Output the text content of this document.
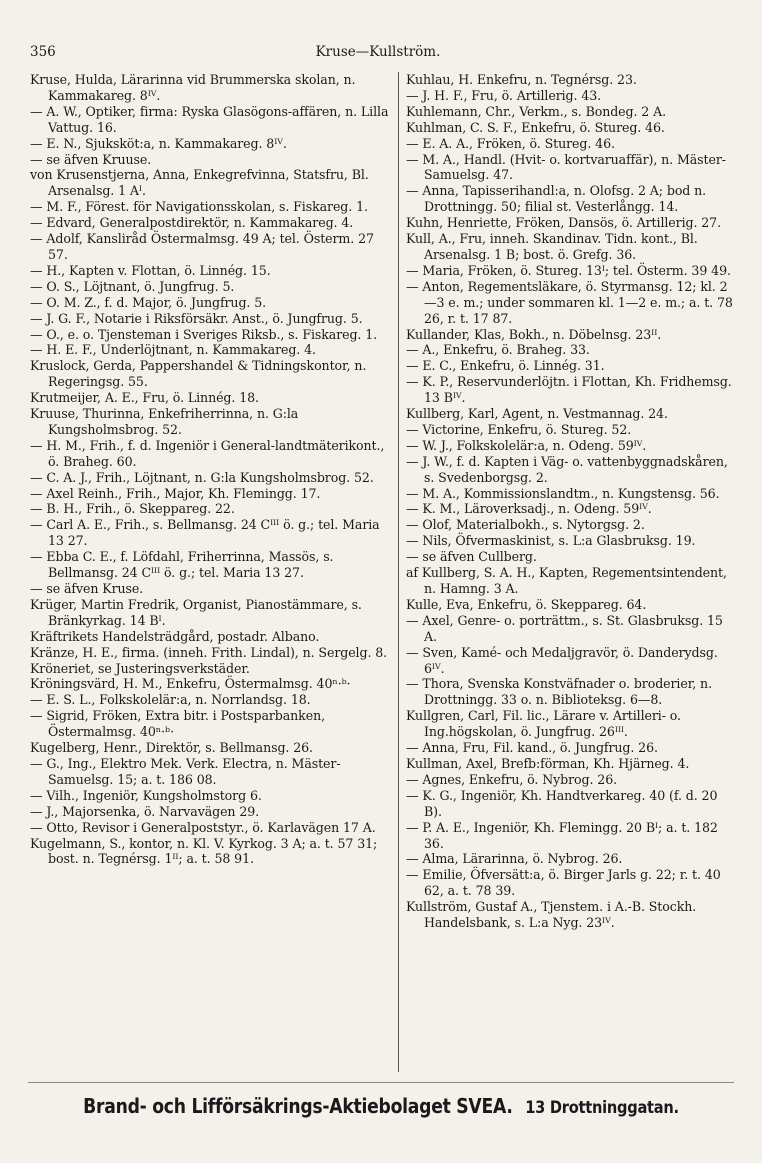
356	Kruse—Kullström.

Kruse, Hulda, Lärarinna vid Brummerska skolan, n. Kammakareg. 8ᴵⱽ.

— A. W., Optiker, firma: Ryska Glasögons-affären, n. Lilla Vattug. 16.

— E. N., Sjuksköt:a, n. Kammakareg. 8ᴵⱽ.

— se äfven Kruuse.

von Krusenstjerna, Anna, Enkegrefvinna, Statsfru, Bl. Arsenalsg. 1 Aᴵ.

— M. F., Förest. för Navigationsskolan, s. Fiskareg. 1.

— Edvard, Generalpostdirektör, n. Kammakareg. 4.

— Adolf, Kansliråd Östermalmsg. 49 A; tel. Österm. 27 57.

— H., Kapten v. Flottan, ö. Linnég. 15.

— O. S., Löjtnant, ö. Jungfrug. 5.

— O. M. Z., f. d. Major, ö. Jungfrug. 5.

— J. G. F., Notarie i Riksförsäkr. Anst., ö. Jungfrug. 5.

— O., e. o. Tjensteman i Sveriges Riksb., s. Fiskareg. 1.

— H. E. F., Underlöjtnant, n. Kammakareg. 4.

Kruslock, Gerda, Pappershandel & Tidningskontor, n. Regeringsg. 55.

Krutmeijer, A. E., Fru, ö. Linnég. 18.

Kruuse, Thurinna, Enkefriherrinna, n. G:la Kungsholmsbrog. 52.

— H. M., Frih., f. d. Ingeniör i General-landtmäterikont., ö. Braheg. 60.

— C. A. J., Frih., Löjtnant, n. G:la Kungsholmsbrog. 52.

— Axel Reinh., Frih., Major, Kh. Flemingg. 17.

— B. H., Frih., ö. Skeppareg. 22.

— Carl A. E., Frih., s. Bellmansg. 24 Cᴵᴵᴵ ö. g.; tel. Maria 13 27.

— Ebba C. E., f. Löfdahl, Friherrinna, Massös, s. Bellmansg. 24 Cᴵᴵᴵ ö. g.; tel. Maria 13 27.

— se äfven Kruse.

Krüger, Martin Fredrik, Organist, Pianostämmare, s. Bränkyrkag. 14 Bᴵ.

Kräftrikets Handelsträdgård, postadr. Albano.

Kränze, H. E., firma. (inneh. Frith. Lindal), n. Sergelg. 8.

Kröneriet, se Justeringsverkstäder.

Kröningsvärd, H. M., Enkefru, Östermalmsg. 40ⁿ·ᵇ·

— E. S. L., Folkskolelär:a, n. Norrlandsg. 18.

— Sigrid, Fröken, Extra bitr. i Postsparbanken, Östermalmsg. 40ⁿ·ᵇ·

Kugelberg, Henr., Direktör, s. Bellmansg. 26.

— G., Ing., Elektro Mek. Verk. Electra, n. Mäster-Samuelsg. 15; a. t. 186 08.

— Vilh., Ingeniör, Kungsholmstorg 6.

— J., Majorsenka, ö. Narvavägen 29.

— Otto, Revisor i Generalpoststyr., ö. Karlavägen 17 A.

Kugelmann, S., kontor, n. Kl. V. Kyrkog. 3 A; a. t. 57 31; bost. n. Tegnérsg. 1ᴵᴵ; a. t. 58 91.

Kuhlau, H. Enkefru, n. Tegnérsg. 23.

— J. H. F., Fru, ö. Artillerig. 43.

Kuhlemann, Chr., Verkm., s. Bondeg. 2 A.

Kuhlman, C. S. F., Enkefru, ö. Stureg. 46.

— E. A. A., Fröken, ö. Stureg. 46.

— M. A., Handl. (Hvit- o. kortvaruaffär), n. Mäster-Samuelsg. 47.

— Anna, Tapisserihandl:a, n. Olofsg. 2 A; bod n. Drottningg. 50; filial st. Vesterlångg. 14.

Kuhn, Henriette, Fröken, Dansös, ö. Artillerig. 27.

Kull, A., Fru, inneh. Skandinav. Tidn. kont., Bl. Arsenalsg. 1 B; bost. ö. Grefg. 36.

— Maria, Fröken, ö. Stureg. 13ᴵ; tel. Österm. 39 49.

— Anton, Regementsläkare, ö. Styrmansg. 12; kl. 2—3 e. m.; under sommaren kl. 1—2 e. m.; a. t. 78 26, r. t. 17 87.

Kullander, Klas, Bokh., n. Döbelnsg. 23ᴵᴵ.

— A., Enkefru, ö. Braheg. 33.

— E. C., Enkefru, ö. Linnég. 31.

— K. P., Reservunderlöjtn. i Flottan, Kh. Fridhemsg. 13 Bᴵⱽ.

Kullberg, Karl, Agent, n. Vestmannag. 24.

— Victorine, Enkefru, ö. Stureg. 52.

— W. J., Folkskolelär:a, n. Odeng. 59ᴵⱽ.

— J. W., f. d. Kapten i Väg- o. vattenbyggnadskåren, s. Svedenborgsg. 2.

— M. A., Kommissionslandtm., n. Kungstensg. 56.

— K. M., Läroverksadj., n. Odeng. 59ᴵⱽ.

— Olof, Materialbokh., s. Nytorgsg. 2.

— Nils, Öfvermaskinist, s. L:a Glasbruksg. 19.

— se äfven Cullberg.

af Kullberg, S. A. H., Kapten, Regementsintendent, n. Hamng. 3 A.

Kulle, Eva, Enkefru, ö. Skeppareg. 64.

— Axel, Genre- o. porträttm., s. St. Glasbruksg. 15 A.

— Sven, Kamé- och Medaljgravör, ö. Danderydsg. 6ᴵⱽ.

— Thora, Svenska Konstväfnader o. broderier, n. Drottningg. 33 o. n. Biblioteksg. 6—8.

Kullgren, Carl, Fil. lic., Lärare v. Artilleri- o. Ing.högskolan, ö. Jungfrug. 26ᴵᴵᴵ.

— Anna, Fru, Fil. kand., ö. Jungfrug. 26.

Kullman, Axel, Brefb:förman, Kh. Hjärneg. 4.

— Agnes, Enkefru, ö. Nybrog. 26.

— K. G., Ingeniör, Kh. Handtverkareg. 40 (f. d. 20 B).

— P. A. E., Ingeniör, Kh. Flemingg. 20 Bᴵ; a. t. 182 36.

— Alma, Lärarinna, ö. Nybrog. 26.

— Emilie, Öfversätt:a, ö. Birger Jarls g. 22; r. t. 40 62, a. t. 78 39.

Kullström, Gustaf A., Tjenstem. i A.-B. Stockh. Handelsbank, s. L:a Nyg. 23ᴵⱽ.

Brand- och Lifförsäkrings-Aktiebolaget SVEA. 13 Drottninggatan.
